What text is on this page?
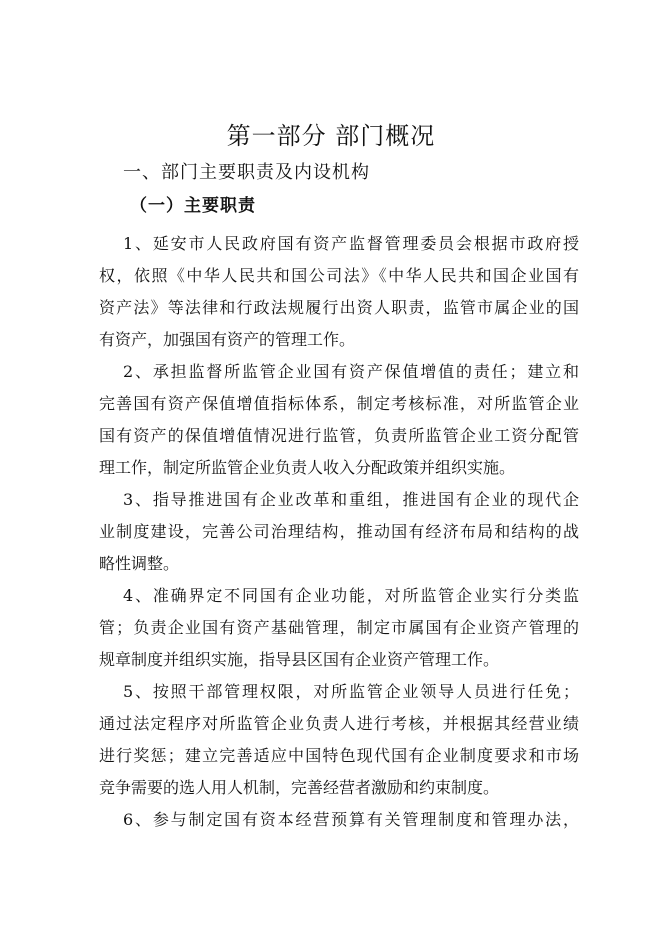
第一部分 部门概况
一、部门主要职责及内设机构
（一）主要职责
1、延安市人民政府国有资产监督管理委员会根据市政府授
权，依照《中华人民共和国公司法》《中华人民共和国企业国有
资产法》等法律和行政法规履行出资人职责，监管市属企业的国
有资产，加强国有资产的管理工作。
2、承担监督所监管企业国有资产保值增值的责任；建立和
完善国有资产保值增值指标体系，制定考核标准，对所监管企业
国有资产的保值增值情况进行监管，负责所监管企业工资分配管
理工作，制定所监管企业负责人收入分配政策并组织实施。
3、指导推进国有企业改革和重组，推进国有企业的现代企
业制度建设，完善公司治理结构，推动国有经济布局和结构的战
略性调整。
4、准确界定不同国有企业功能，对所监管企业实行分类监
管；负责企业国有资产基础管理，制定市属国有企业资产管理的
规章制度并组织实施，指导县区国有企业资产管理工作。
5、按照干部管理权限，对所监管企业领导人员进行任免；
通过法定程序对所监管企业负责人进行考核，并根据其经营业绩
进行奖惩；建立完善适应中国特色现代国有企业制度要求和市场
竞争需要的选人用人机制，完善经营者激励和约束制度。
6、参与制定国有资本经营预算有关管理制度和管理办法，
